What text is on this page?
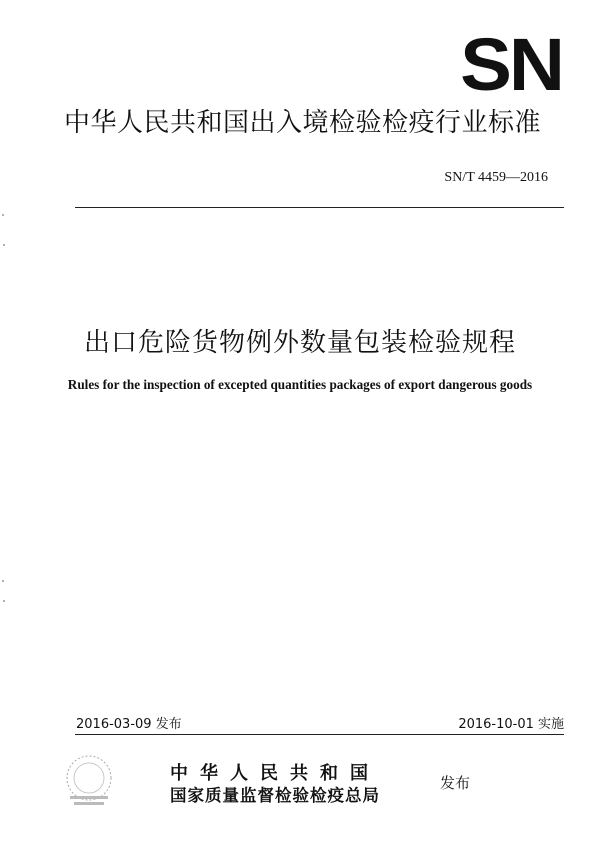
SN
中华人民共和国出入境检验检疫行业标准
SN/T 4459—2016
出口危险货物例外数量包装检验规程
Rules for the inspection of excepted quantities packages of export dangerous goods
2016-03-09 发布	2016-10-01 实施
中华人民共和国
国家质量监督检验检疫总局
发布
